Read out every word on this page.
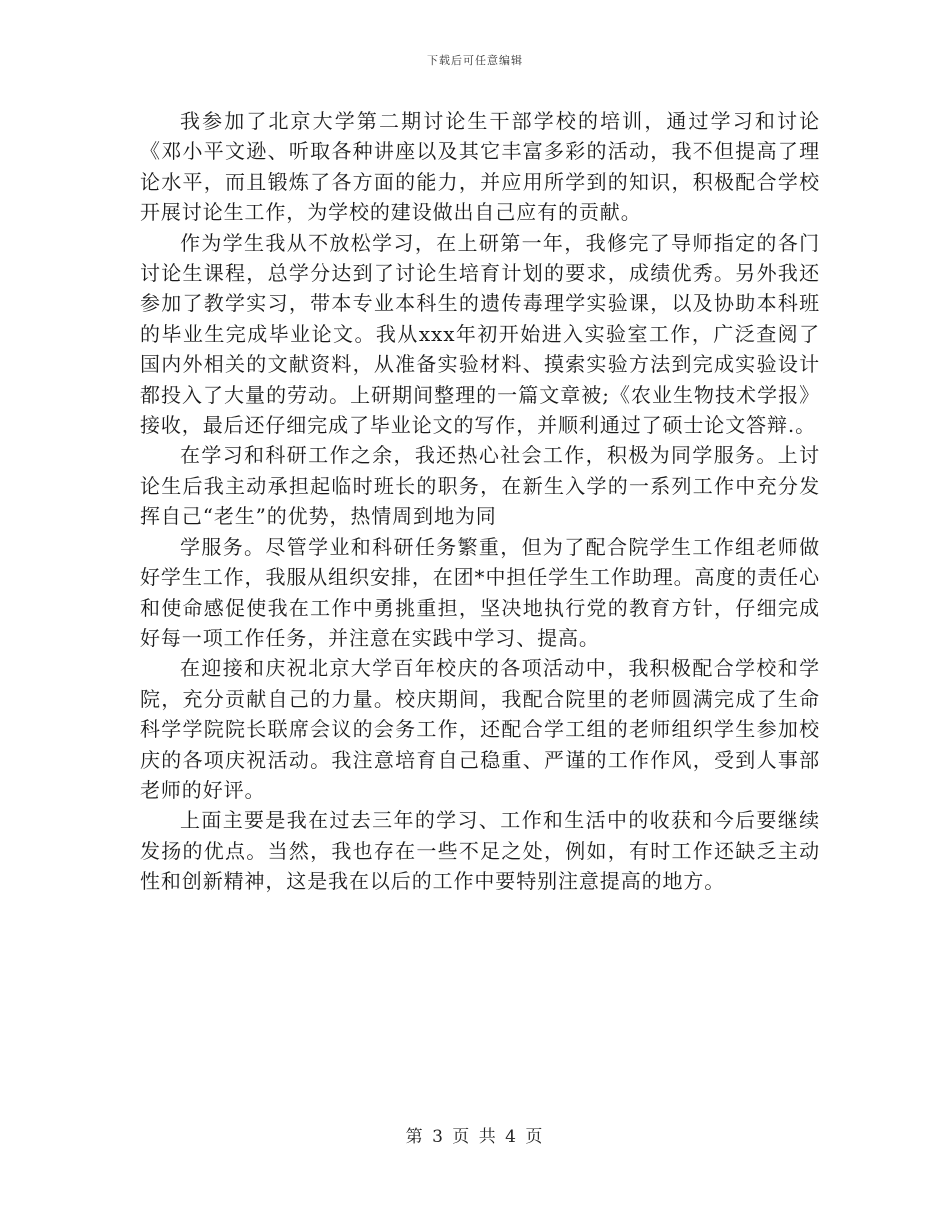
下载后可任意编辑

我参加了北京大学第二期讨论生干部学校的培训，通过学习和讨论《邓小平文逊、听取各种讲座以及其它丰富多彩的活动，我不但提高了理论水平，而且锻炼了各方面的能力，并应用所学到的知识，积极配合学校开展讨论生工作，为学校的建设做出自己应有的贡献。

作为学生我从不放松学习，在上研第一年，我修完了导师指定的各门讨论生课程，总学分达到了讨论生培育计划的要求，成绩优秀。另外我还参加了教学实习，带本专业本科生的遗传毒理学实验课，以及协助本科班的毕业生完成毕业论文。我从xxx年初开始进入实验室工作，广泛查阅了国内外相关的文献资料，从准备实验材料、摸索实验方法到完成实验设计都投入了大量的劳动。上研期间整理的一篇文章被;《农业生物技术学报》接收，最后还仔细完成了毕业论文的写作，并顺利通过了硕士论文答辩.。

在学习和科研工作之余，我还热心社会工作，积极为同学服务。上讨论生后我主动承担起临时班长的职务，在新生入学的一系列工作中充分发挥自己“老生”的优势，热情周到地为同

学服务。尽管学业和科研任务繁重，但为了配合院学生工作组老师做好学生工作，我服从组织安排，在团*中担任学生工作助理。高度的责任心和使命感促使我在工作中勇挑重担，坚决地执行党的教育方针，仔细完成好每一项工作任务，并注意在实践中学习、提高。

在迎接和庆祝北京大学百年校庆的各项活动中，我积极配合学校和学院，充分贡献自己的力量。校庆期间，我配合院里的老师圆满完成了生命科学学院院长联席会议的会务工作，还配合学工组的老师组织学生参加校庆的各项庆祝活动。我注意培育自己稳重、严谨的工作作风，受到人事部老师的好评。

上面主要是我在过去三年的学习、工作和生活中的收获和今后要继续发扬的优点。当然，我也存在一些不足之处，例如，有时工作还缺乏主动性和创新精神，这是我在以后的工作中要特别注意提高的地方。

第 3 页 共 4 页
